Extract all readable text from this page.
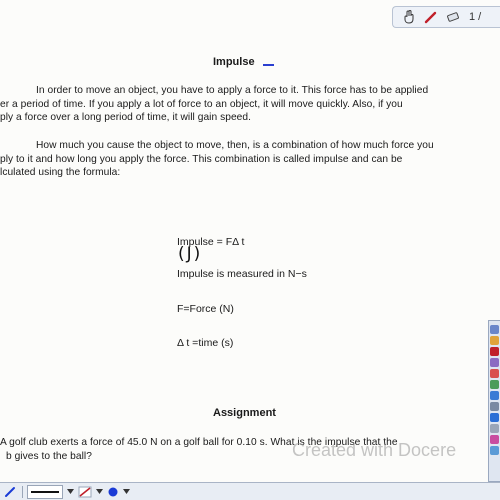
1 /
Impulse
In order to move an object, you have to apply a force to it. This force has to be applied
er a period of time. If you apply a lot of force to an object, it will move quickly. Also, if you
ply a force over a long period of time, it will gain speed.
How much you cause the object to move, then, is a combination of how much force you
ply to it and how long you apply the force. This combination is called impulse and can be
lculated using the formula:
Impulse = FΔ t
(J)
Impulse is measured in N−s
F=Force (N)
Δ t =time (s)
Assignment
A golf club exerts a force of 45.0 N on a golf ball for 0.10 s. What is the impulse that the
b gives to the ball?	Created with Docere
